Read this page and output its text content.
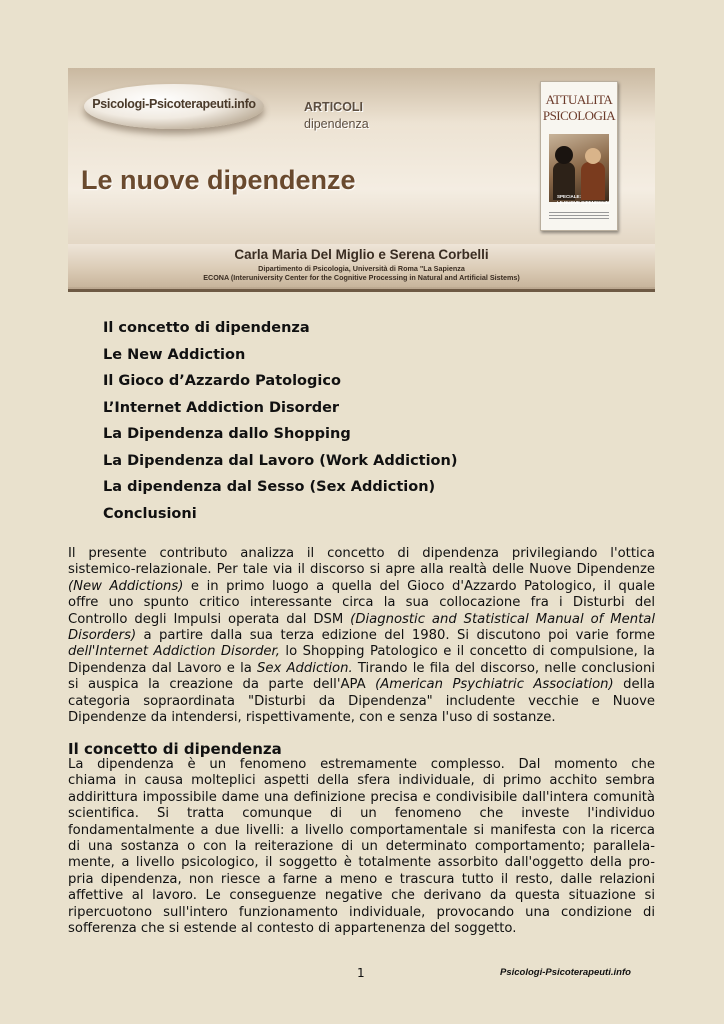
Psicologi-Psicoterapeuti.info	ARTICOLI
dipendenza
Le nuove dipendenze
Carla Maria Del Miglio e Serena Corbelli
Dipartimento di Psicologia, Università di Roma "La Sapienza
ECONA (Interuniversity Center for the Cognitive Processing in Natural and Artificial Sistems)
ATTUALITA
PSICOLOGIA
SPECIALE:
LE NUOVE DIPENDENZE
Il concetto di dipendenza
Le New Addiction
Il Gioco d’Azzardo Patologico
L’Internet Addiction Disorder
La Dipendenza dallo Shopping
La Dipendenza dal Lavoro (Work Addiction)
La dipendenza dal Sesso (Sex Addiction)
Conclusioni
Il presente contributo analizza il concetto di dipendenza privilegiando l'ottica
sistemico-relazionale. Per tale via il discorso si apre alla realtà delle Nuove Dipendenze
(New Addictions) e in primo luogo a quella del Gioco d'Azzardo Patologico, il quale
offre uno spunto critico interessante circa la sua collocazione fra i Disturbi del
Controllo degli Impulsi operata dal DSM (Diagnostic and Statistical Manual of Mental
Disorders) a partire dalla sua terza edizione del 1980. Si discutono poi varie forme
dell'Internet Addiction Disorder, lo Shopping Patologico e il concetto di compulsione, la
Dipendenza dal Lavoro e la Sex Addiction. Tirando le fila del discorso, nelle conclusioni
si auspica la creazione da parte dell'APA (American Psychiatric Association) della
categoria sopraordinata "Disturbi da Dipendenza" includente vecchie e Nuove
Dipendenze da intendersi, rispettivamente, con e senza l'uso di sostanze.
Il concetto di dipendenza
La dipendenza è un fenomeno estremamente complesso. Dal momento che
chiama in causa molteplici aspetti della sfera individuale, di primo acchito sembra
addirittura impossibile dame una definizione precisa e condivisibile dall'intera comunità
scientifica. Si tratta comunque di un fenomeno che investe l'individuo
fondamentalmente a due livelli: a livello comportamentale si manifesta con la ricerca
di una sostanza o con la reiterazione di un determinato comportamento; parallela-
mente, a livello psicologico, il soggetto è totalmente assorbito dall'oggetto della pro-
pria dipendenza, non riesce a farne a meno e trascura tutto il resto, dalle relazioni
affettive al lavoro. Le conseguenze negative che derivano da questa situazione si
ripercuotono sull'intero funzionamento individuale, provocando una condizione di
sofferenza che si estende al contesto di appartenenza del soggetto.
1	Psicologi-Psicoterapeuti.info
